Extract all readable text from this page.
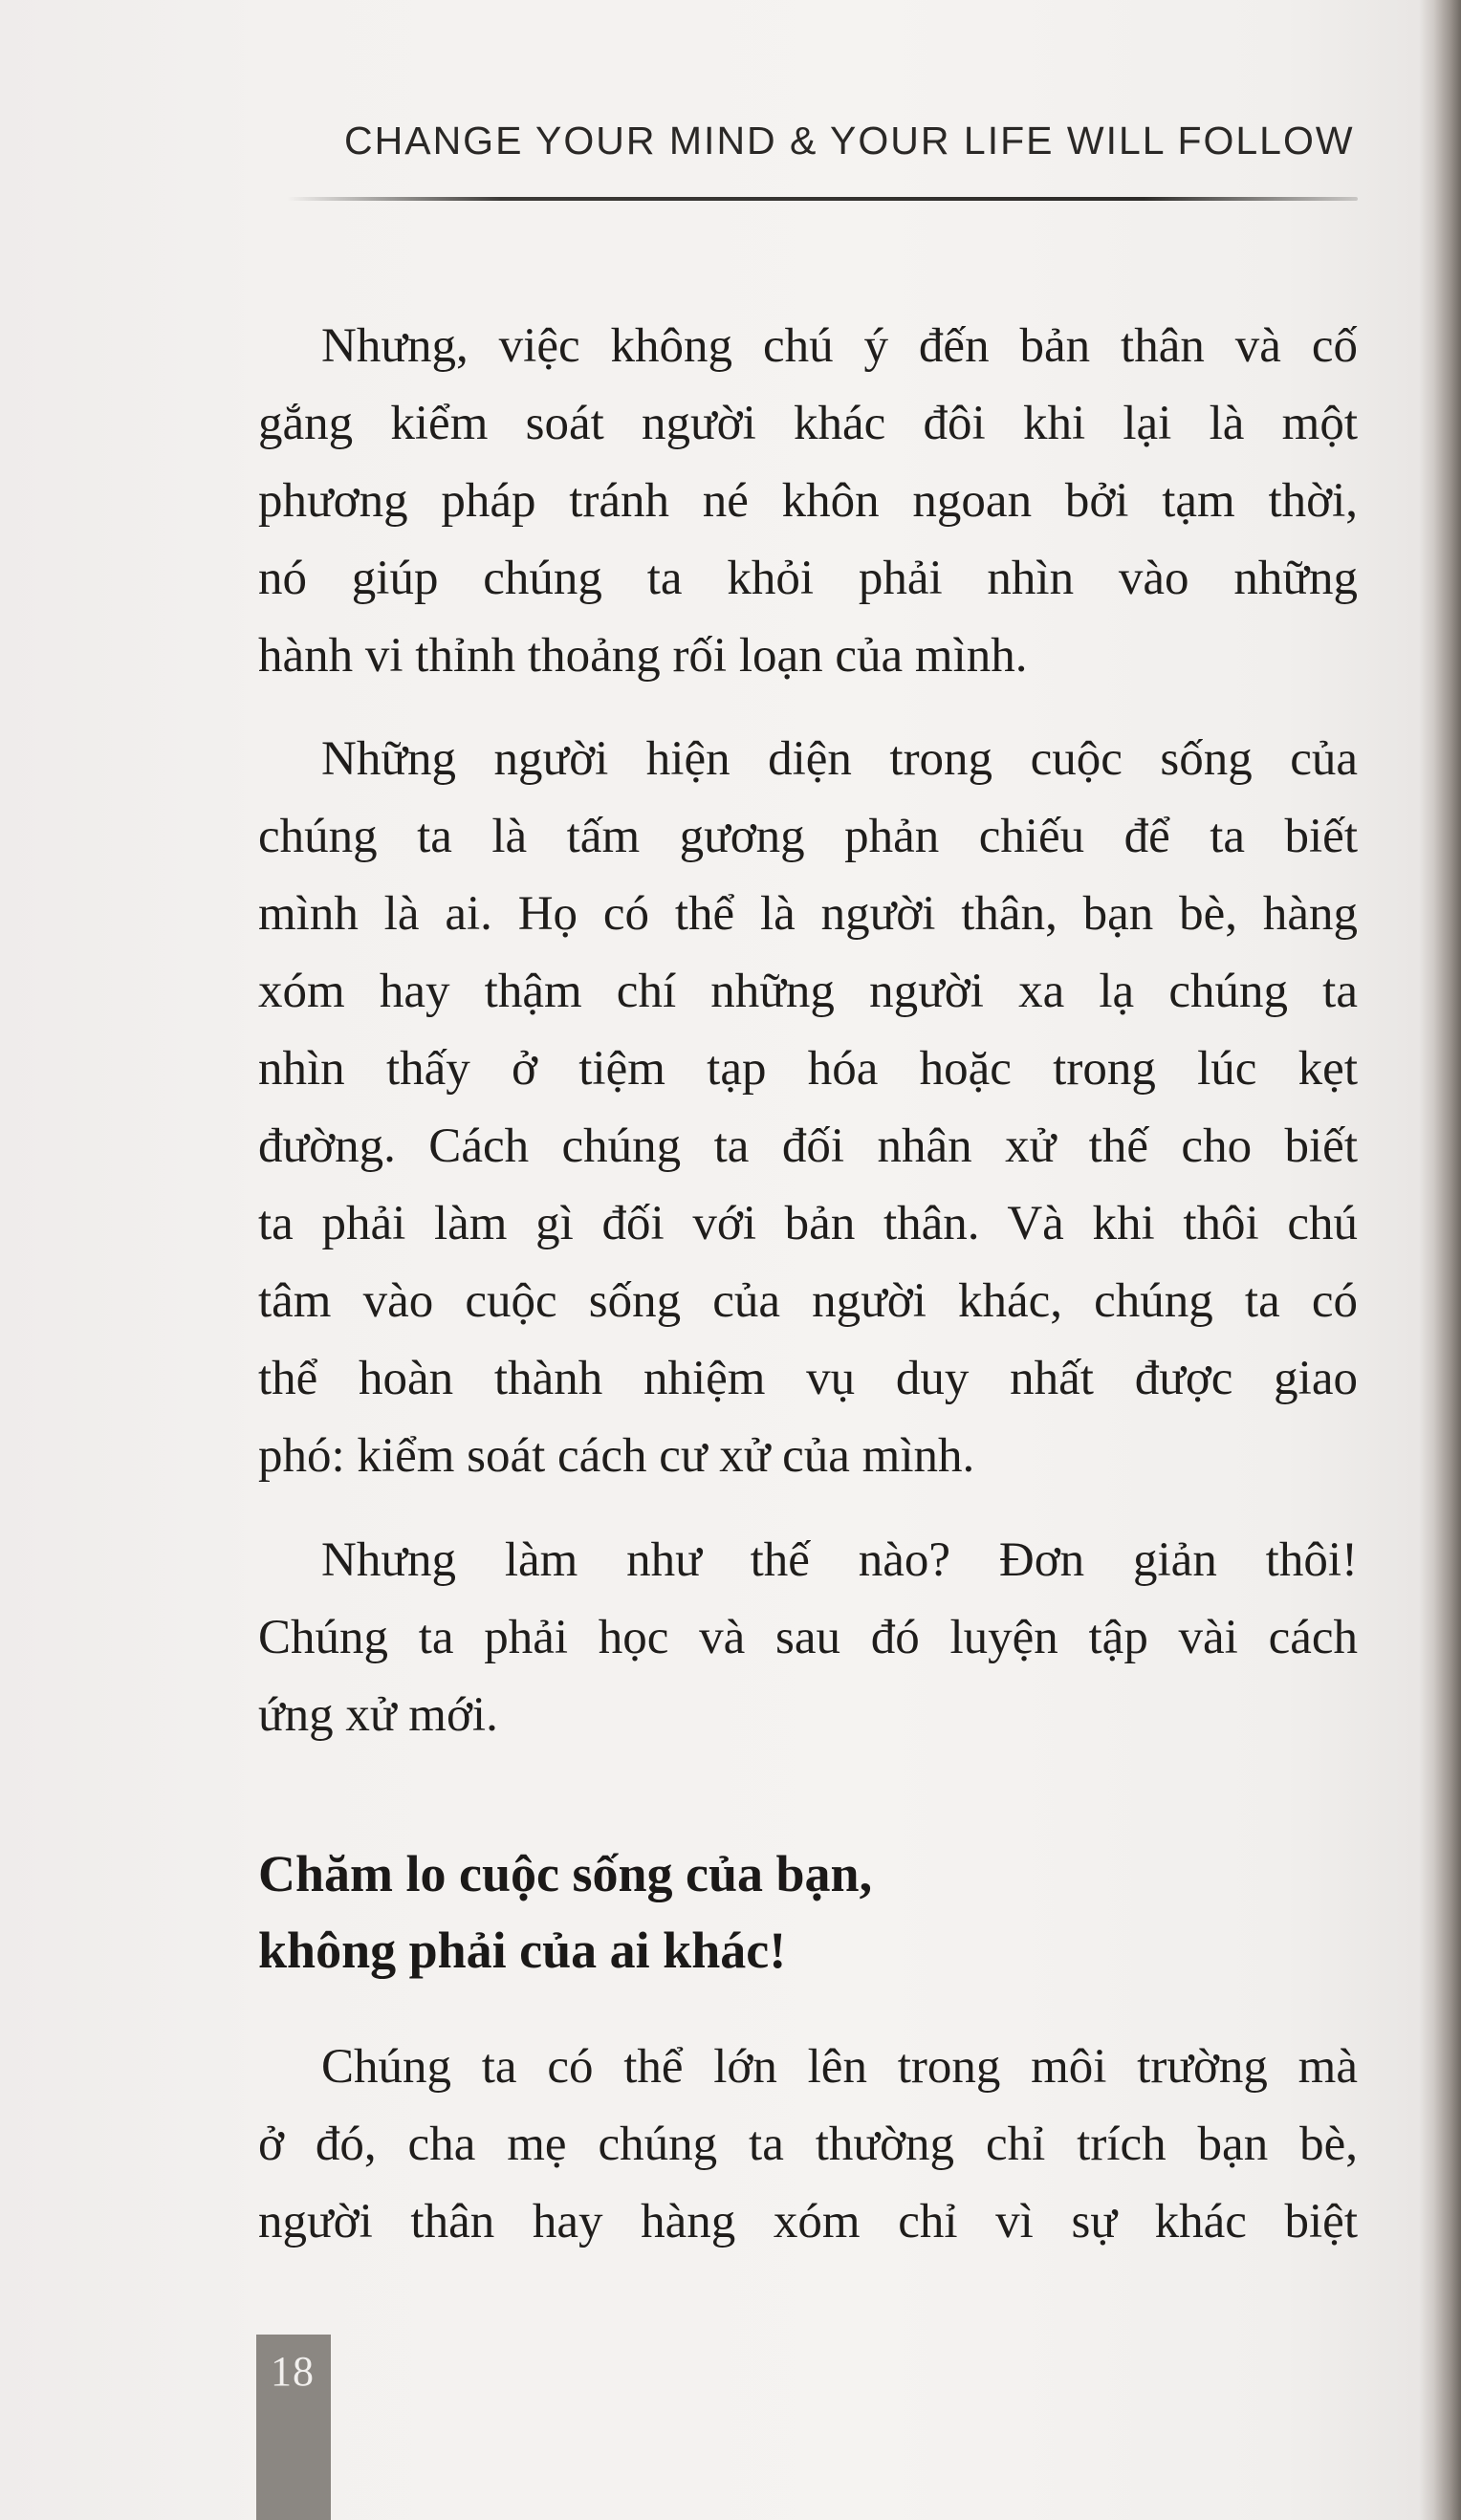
CHANGE YOUR MIND & YOUR LIFE WILL FOLLOW
Nhưng, việc không chú ý đến bản thân và cố
gắng kiểm soát người khác đôi khi lại là một
phương pháp tránh né khôn ngoan bởi tạm thời,
nó giúp chúng ta khỏi phải nhìn vào những
hành vi thỉnh thoảng rối loạn của mình.
Những người hiện diện trong cuộc sống của
chúng ta là tấm gương phản chiếu để ta biết
mình là ai. Họ có thể là người thân, bạn bè, hàng
xóm hay thậm chí những người xa lạ chúng ta
nhìn thấy ở tiệm tạp hóa hoặc trong lúc kẹt
đường. Cách chúng ta đối nhân xử thế cho biết
ta phải làm gì đối với bản thân. Và khi thôi chú
tâm vào cuộc sống của người khác, chúng ta có
thể hoàn thành nhiệm vụ duy nhất được giao
phó: kiểm soát cách cư xử của mình.
Nhưng làm như thế nào? Đơn giản thôi!
Chúng ta phải học và sau đó luyện tập vài cách
ứng xử mới.
Chăm lo cuộc sống của bạn,
không phải của ai khác!
Chúng ta có thể lớn lên trong môi trường mà
ở đó, cha mẹ chúng ta thường chỉ trích bạn bè,
người thân hay hàng xóm chỉ vì sự khác biệt
18
